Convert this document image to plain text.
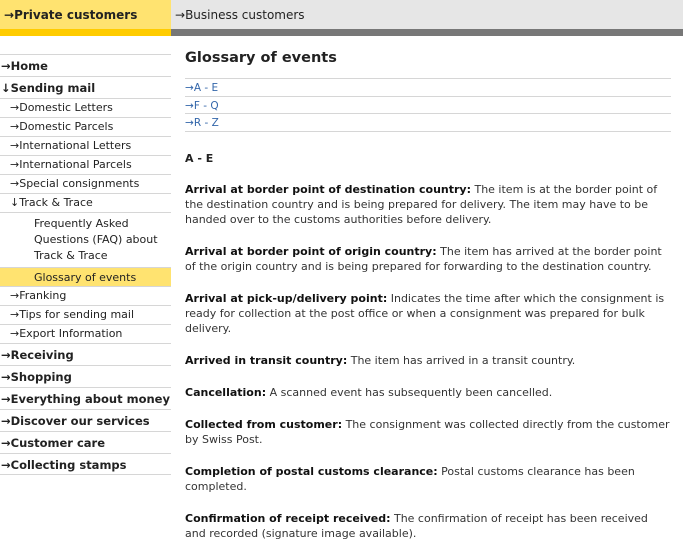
→Private customers	→Business customers
→Home
↓Sending mail
→Domestic Letters
→Domestic Parcels
→International Letters
→International Parcels
→Special consignments
↓Track & Trace
Frequently Asked Questions (FAQ) about Track & Trace
Glossary of events
→Franking
→Tips for sending mail
→Export Information
→Receiving
→Shopping
→Everything about money
→Discover our services
→Customer care
→Collecting stamps
Glossary of events
→A - E
→F - Q
→R - Z
A - E

Arrival at border point of destination country: The item is at the border point of the destination country and is being prepared for delivery. The item may have to be handed over to the customs authorities before delivery.

Arrival at border point of origin country: The item has arrived at the border point of the origin country and is being prepared for forwarding to the destination country.

Arrival at pick-up/delivery point: Indicates the time after which the consignment is ready for collection at the post office or when a consignment was prepared for bulk delivery.

Arrived in transit country: The item has arrived in a transit country.

Cancellation: A scanned event has subsequently been cancelled.

Collected from customer: The consignment was collected directly from the customer by Swiss Post.

Completion of postal customs clearance: Postal customs clearance has been completed.

Confirmation of receipt received: The confirmation of receipt has been received and recorded (signature image available).
